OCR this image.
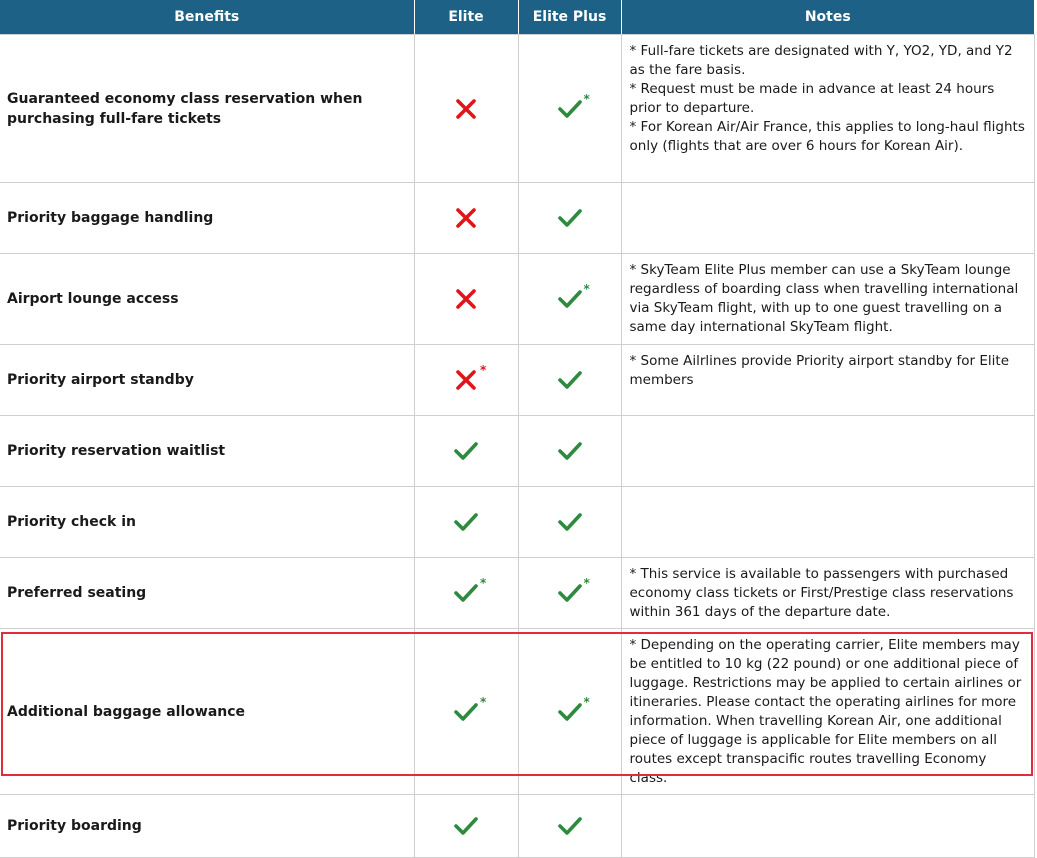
Benefits	Elite	Elite Plus	Notes
Guaranteed economy class reservation when purchasing full-fare tickets		*	* Full-fare tickets are designated with Y, YO2, YD, and Y2 as the fare basis.
* Request must be made in advance at least 24 hours prior to departure.
* For Korean Air/Air France, this applies to long-haul flights only (flights that are over 6 hours for Korean Air).

Priority baggage handling	

Airport lounge access		*	* SkyTeam Elite Plus member can use a SkyTeam lounge regardless of boarding class when travelling international via SkyTeam flight, with up to one guest travelling on a same day international SkyTeam flight.

Priority airport standby	*		* Some Ailrlines provide Priority airport standby for Elite members

Priority reservation waitlist	

Priority check in	

Preferred seating	*	*	* This service is available to passengers with purchased economy class tickets or First/Prestige class reservations within 361 days of the departure date.

Additional baggage allowance	*	*	* Depending on the operating carrier, Elite members may be entitled to 10 kg (22 pound) or one additional piece of luggage. Restrictions may be applied to certain airlines or itineraries. Please contact the operating airlines for more information. When travelling Korean Air, one additional piece of luggage is applicable for Elite members on all routes except transpacific routes travelling Economy class.

Priority boarding	
